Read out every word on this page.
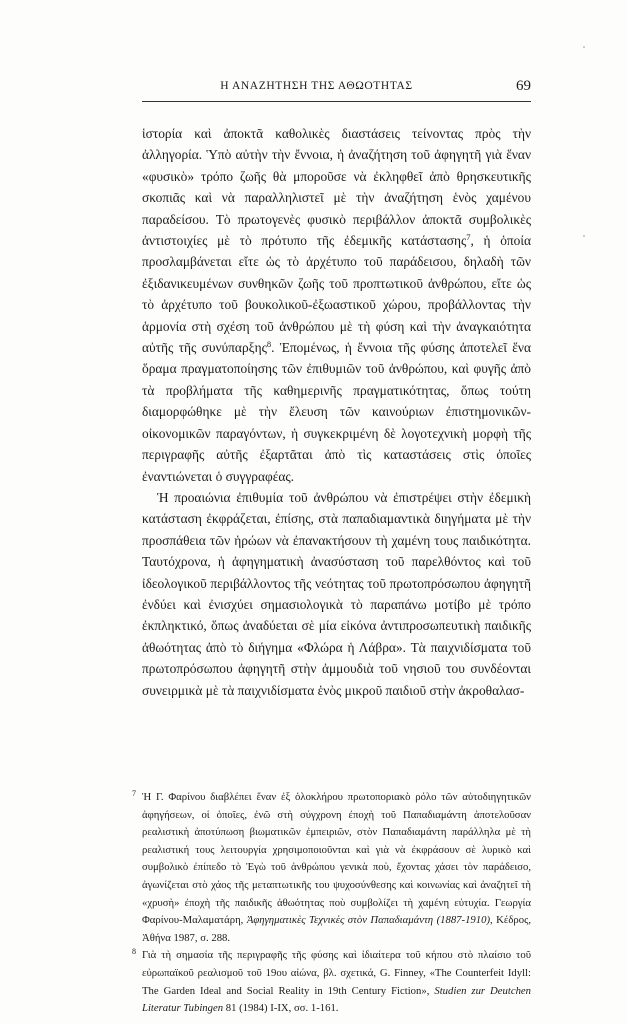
Η ΑΝΑΖΗΤΗΣΗ ΤΗΣ ΑΘΩΟΤΗΤΑΣ	69

ἱστορία καὶ ἀποκτᾶ καθολικὲς διαστάσεις τείνοντας πρὸς τὴν ἀλληγορία. Ὑπὸ αὐτὴν τὴν ἔννοια, ἡ ἀναζήτηση τοῦ ἀφηγητῆ γιὰ ἕναν «φυσικὸ» τρόπο ζωῆς θὰ μποροῦσε νὰ ἐκληφθεῖ ἀπὸ θρησκευτικῆς σκοπιᾶς καὶ νὰ παραλληλιστεῖ μὲ τὴν ἀναζήτηση ἑνὸς χαμένου παραδείσου. Τὸ πρωτογενὲς φυσικὸ περιβάλλον ἀποκτᾶ συμβολικὲς ἀντιστοιχίες μὲ τὸ πρότυπο τῆς ἐδεμικῆς κατάστασης$^7$, ἡ ὁποία προσλαμβάνεται εἴτε ὡς τὸ ἀρχέτυπο τοῦ παράδεισου, δηλαδὴ τῶν ἐξιδανικευμένων συνθηκῶν ζωῆς τοῦ προπτωτικοῦ ἀνθρώπου, εἴτε ὡς τὸ ἀρχέτυπο τοῦ βουκολικοῦ-ἐξωαστικοῦ χώρου, προβάλλοντας τὴν ἁρμονία στὴ σχέση τοῦ ἀνθρώπου μὲ τὴ φύση καὶ τὴν ἀναγκαιότητα αὐτῆς τῆς συνύπαρξης$^8$. Ἑπομένως, ἡ ἔννοια τῆς φύσης ἀποτελεῖ ἕνα ὅραμα πραγματοποίησης τῶν ἐπιθυμιῶν τοῦ ἀνθρώπου, καὶ φυγῆς ἀπὸ τὰ προβλήματα τῆς καθημερινῆς πραγματικότητας, ὅπως τούτη διαμορφώθηκε μὲ τὴν ἔλευση τῶν καινούριων ἐπιστημονικῶν-οἰκονομικῶν παραγόντων, ἡ συγκεκριμένη δὲ λογοτεχνικὴ μορφὴ τῆς περιγραφῆς αὐτῆς ἐξαρτᾶται ἀπὸ τὶς καταστάσεις στὶς ὁποῖες ἐναντιώνεται ὁ συγγραφέας.

Ἡ προαιώνια ἐπιθυμία τοῦ ἀνθρώπου νὰ ἐπιστρέψει στὴν ἐδεμικὴ κατάσταση ἐκφράζεται, ἐπίσης, στὰ παπαδιαμαντικὰ διηγήματα μὲ τὴν προσπάθεια τῶν ἡρώων νὰ ἐπανακτήσουν τὴ χαμένη τους παιδικότητα. Ταυτόχρονα, ἡ ἀφηγηματικὴ ἀνασύσταση τοῦ παρελθόντος καὶ τοῦ ἰδεολογικοῦ περιβάλλοντος τῆς νεότητας τοῦ πρωτοπρόσωπου ἀφηγητῆ ἐνδύει καὶ ἐνισχύει σημασιολογικὰ τὸ παραπάνω μοτίβο μὲ τρόπο ἐκπληκτικό, ὅπως ἀναδύεται σὲ μία εἰκόνα ἀντιπροσωπευτικὴ παιδικῆς ἀθωότητας ἀπὸ τὸ διήγημα «Φλώρα ἡ Λάβρα». Τὰ παιχνιδίσματα τοῦ πρωτοπρόσωπου ἀφηγητῆ στὴν ἀμμουδιὰ τοῦ νησιοῦ του συνδέονται συνειρμικὰ μὲ τὰ παιχνιδίσματα ἑνὸς μικροῦ παιδιοῦ στὴν ἀκροθαλασ-

7 Ἡ Γ. Φαρίνου διαβλέπει ἕναν ἐξ ὁλοκλήρου πρωτοποριακὸ ρόλο τῶν αὐτοδιηγητικῶν ἀφηγήσεων, οἱ ὁποῖες, ἐνῶ στὴ σύγχρονη ἐποχὴ τοῦ Παπαδιαμάντη ἀποτελοῦσαν ρεαλιστικὴ ἀποτύπωση βιωματικῶν ἐμπειριῶν, στὸν Παπαδιαμάντη παράλληλα μὲ τὴ ρεαλιστική τους λειτουργία χρησιμοποιοῦνται καὶ γιὰ νὰ ἐκφράσουν σὲ λυρικὸ καὶ συμβολικὸ ἐπίπεδο τὸ Ἐγὼ τοῦ ἀνθρώπου γενικὰ ποὺ, ἔχοντας χάσει τὸν παράδεισο, ἀγωνίζεται στὸ χάος τῆς μεταπτωτικῆς του ψυχοσύνθεσης καὶ κοινωνίας καὶ ἀναζητεῖ τὴ «χρυσὴ» ἐποχὴ τῆς παιδικῆς ἀθωότητας ποὺ συμβολίζει τὴ χαμένη εὐτυχία. Γεωργία Φαρίνου-Μαλαματάρη, Ἀφηγηματικὲς Τεχνικὲς στὸν Παπαδιαμάντη (1887-1910), Κέδρος, Ἀθήνα 1987, σ. 288.

8 Γιὰ τὴ σημασία τῆς περιγραφῆς τῆς φύσης καὶ ἰδιαίτερα τοῦ κήπου στὸ πλαίσιο τοῦ εὐρωπαϊκοῦ ρεαλισμοῦ τοῦ 19ου αἰώνα, βλ. σχετικά, G. Finney, «The Counterfeit Idyll: The Garden Ideal and Social Reality in 19th Century Fiction», Studien zur Deutchen Literatur Tubingen 81 (1984) I-IX, σσ. 1-161.
